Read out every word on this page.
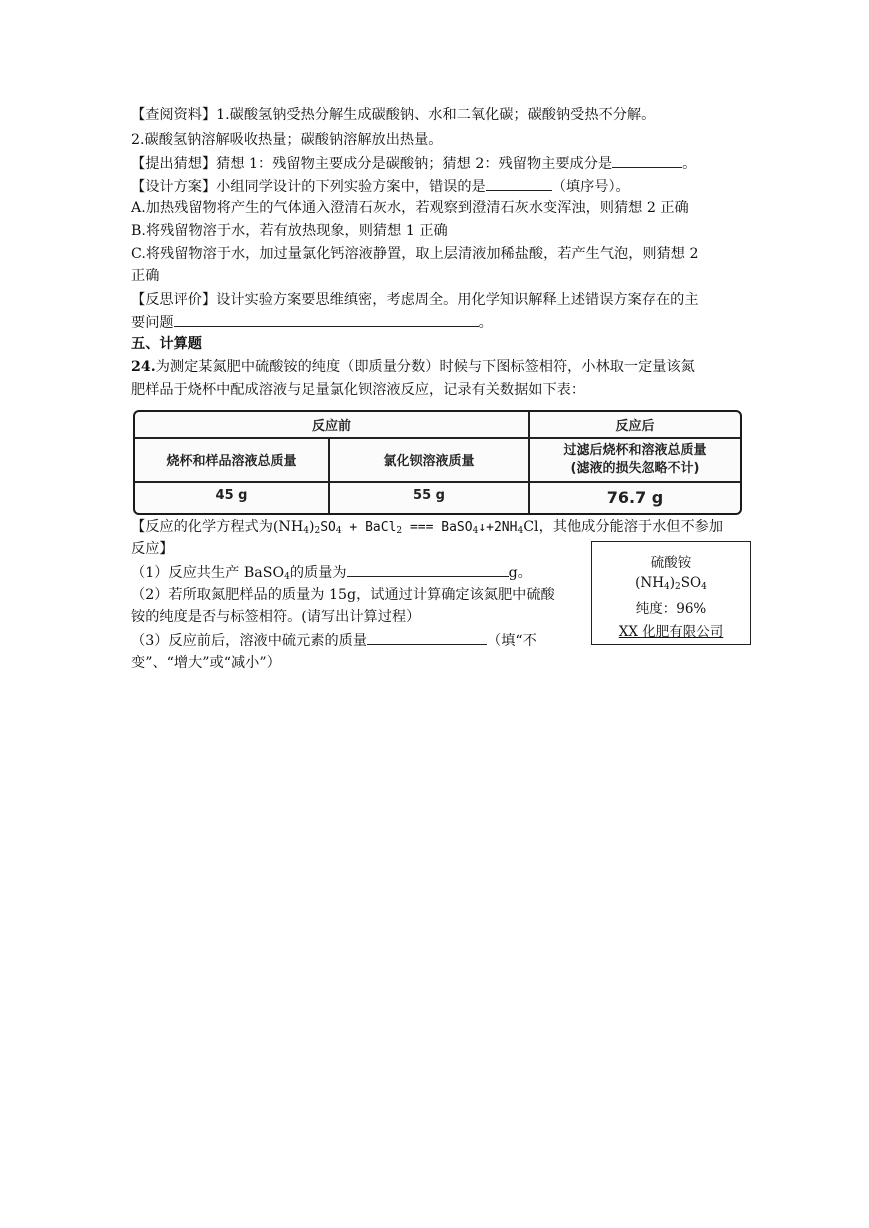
【查阅资料】1.碳酸氢钠受热分解生成碳酸钠、水和二氧化碳；碳酸钠受热不分解。
2.碳酸氢钠溶解吸收热量；碳酸钠溶解放出热量。
【提出猜想】猜想 1：残留物主要成分是碳酸钠；猜想 2：残留物主要成分是	。
【设计方案】小组同学设计的下列实验方案中，错误的是	（填序号）。
A.加热残留物将产生的气体通入澄清石灰水，若观察到澄清石灰水变浑浊，则猜想 2 正确
B.将残留物溶于水，若有放热现象，则猜想 1 正确
C.将残留物溶于水，加过量氯化钙溶液静置，取上层清液加稀盐酸，若产生气泡，则猜想 2
正确
【反思评价】设计实验方案要思维缜密，考虑周全。用化学知识解释上述错误方案存在的主
要问题	。
五、计算题
24.为测定某氮肥中硫酸铵的纯度（即质量分数）时候与下图标签相符，小林取一定量该氮
肥样品于烧杯中配成溶液与足量氯化钡溶液反应，记录有关数据如下表：
反应前	反应后
烧杯和样品溶液总质量	氯化钡溶液质量
过滤后烧杯和溶液总质量
(滤液的损失忽略不计)
45 g	55 g	76.7 g
【反应的化学方程式为$(NH_4)_2SO_4$ + BaCl$_2$ === $BaSO_4↓+2NH_4Cl$，其他成分能溶于水但不参加
反应】
（1）反应共生产 BaSO$_4$的质量为	g。
（2）若所取氮肥样品的质量为 15g，试通过计算确定该氮肥中硫酸
铵的纯度是否与标签相符。(请写出计算过程）
（3）反应前后，溶液中硫元素的质量	（填“不
变”、“增大”或“减小”）
硫酸铵
$(NH_4)_2SO_4$
纯度：96%
XX 化肥有限公司
